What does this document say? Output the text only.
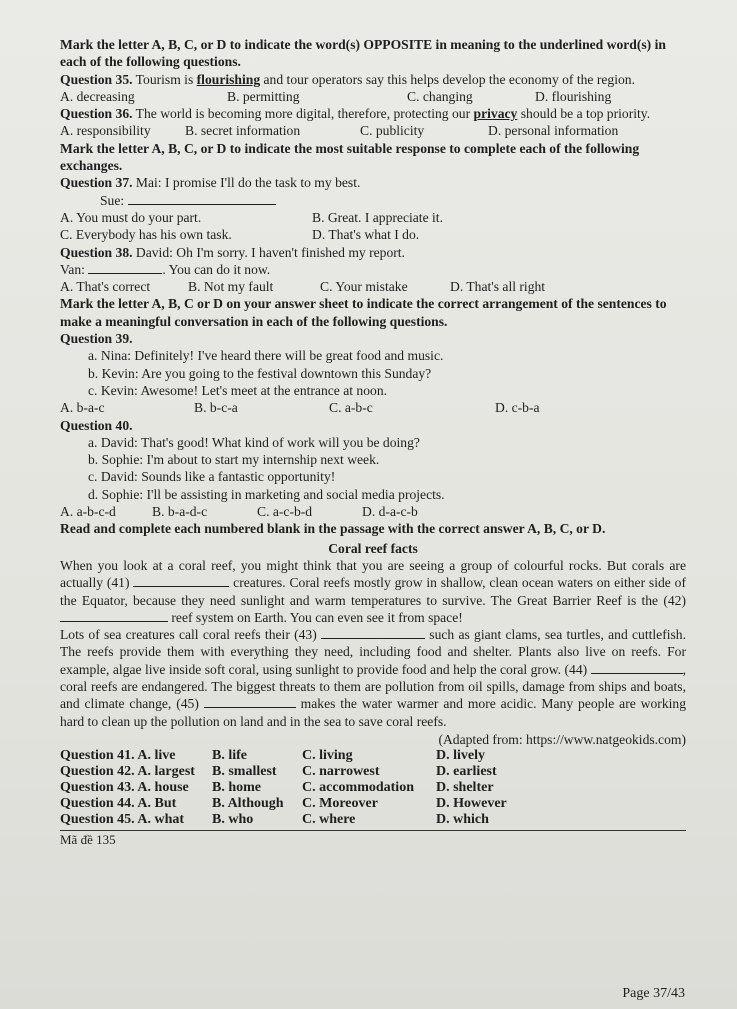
Mark the letter A, B, C, or D to indicate the word(s) OPPOSITE in meaning to the underlined word(s) in each of the following questions.
Question 35. Tourism is flourishing and tour operators say this helps develop the economy of the region.
A. decreasing	B. permitting	C. changing	D. flourishing
Question 36. The world is becoming more digital, therefore, protecting our privacy should be a top priority.
A. responsibility	B. secret information	C. publicity	D. personal information
Mark the letter A, B, C, or D to indicate the most suitable response to complete each of the following exchanges.
Question 37. Mai: I promise I'll do the task to my best.
Sue:
A. You must do your part.	B. Great. I appreciate it.
C. Everybody has his own task.	D. That's what I do.
Question 38. David: Oh I'm sorry. I haven't finished my report.
Van:	. You can do it now.
A. That's correct	B. Not my fault	C. Your mistake	D. That's all right
Mark the letter A, B, C or D on your answer sheet to indicate the correct arrangement of the sentences to make a meaningful conversation in each of the following questions.
Question 39.
a. Nina: Definitely! I've heard there will be great food and music.
b. Kevin: Are you going to the festival downtown this Sunday?
c. Kevin: Awesome! Let's meet at the entrance at noon.
A. b-a-c	B. b-c-a	C. a-b-c	D. c-b-a
Question 40.
a. David: That's good! What kind of work will you be doing?
b. Sophie: I'm about to start my internship next week.
c. David: Sounds like a fantastic opportunity!
d. Sophie: I'll be assisting in marketing and social media projects.
A. a-b-c-d	B. b-a-d-c	C. a-c-b-d	D. d-a-c-b
Read and complete each numbered blank in the passage with the correct answer A, B, C, or D.
Coral reef facts
When you look at a coral reef, you might think that you are seeing a group of colourful rocks. But corals are actually (41)	creatures. Coral reefs mostly grow in shallow, clean ocean waters on either side of the Equator, because they need sunlight and warm temperatures to survive. The Great Barrier Reef is the (42)  reef system on Earth. You can even see it from space!
Lots of sea creatures call coral reefs their (43)	such as giant clams, sea turtles, and cuttlefish. The reefs provide them with everything they need, including food and shelter. Plants also live on reefs. For example, algae live inside soft coral, using sunlight to provide food and help the coral grow. (44)	, coral reefs are endangered. The biggest threats to them are pollution from oil spills, damage from ships and boats, and climate change, (45)	makes the water warmer and more acidic. Many people are working hard to clean up the pollution on land and in the sea to save coral reefs.
(Adapted from: https://www.natgeokids.com)
Question 41. A. live	B. life	C. living	D. lively
Question 42. A. largest	B. smallest	C. narrowest	D. earliest
Question 43. A. house	B. home	C. accommodation	D. shelter
Question 44. A. But	B. Although	C. Moreover	D. However
Question 45. A. what	B. who	C. where	D. which
Mã đề 135
Page 37/43
